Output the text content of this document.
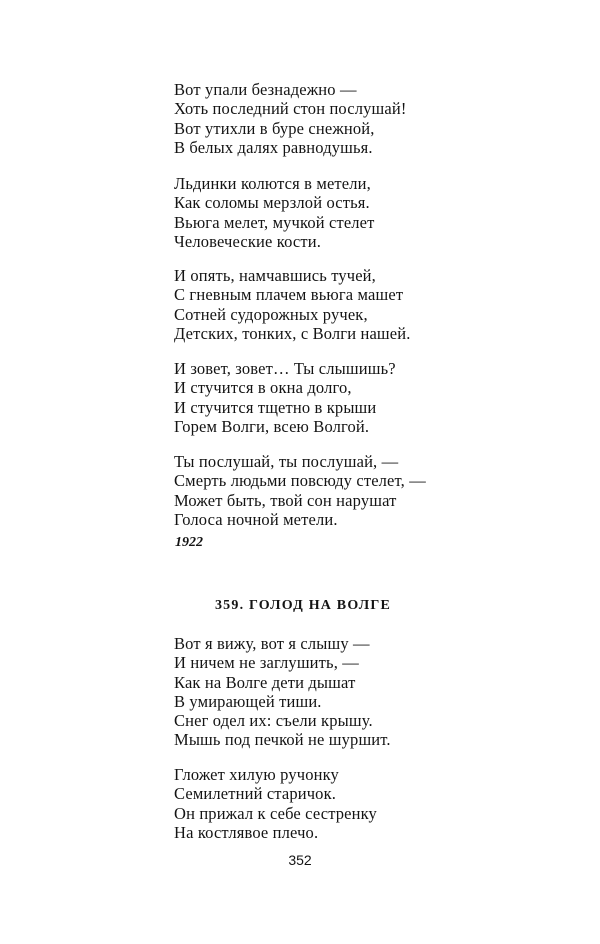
Вот упали безнадежно —
Хоть последний стон послушай!
Вот утихли в буре снежной,
В белых далях равнодушья.
Льдинки колются в метели,
Как соломы мерзлой остья.
Вьюга мелет, мучкой стелет
Человеческие кости.
И опять, намчавшись тучей,
С гневным плачем вьюга машет
Сотней судорожных ручек,
Детских, тонких, с Волги нашей.
И зовет, зовет… Ты слышишь?
И стучится в окна долго,
И стучится тщетно в крыши
Горем Волги, всею Волгой.
Ты послушай, ты послушай, —
Смерть людьми повсюду стелет, —
Может быть, твой сон нарушат
Голоса ночной метели.
1922
359. ГОЛОД НА ВОЛГЕ
Вот я вижу, вот я слышу —
И ничем не заглушить, —
Как на Волге дети дышат
В умирающей тиши.
Снег одел их: съели крышу.
Мышь под печкой не шуршит.
Гложет хилую ручонку
Семилетний старичок.
Он прижал к себе сестренку
На костлявое плечо.
352
